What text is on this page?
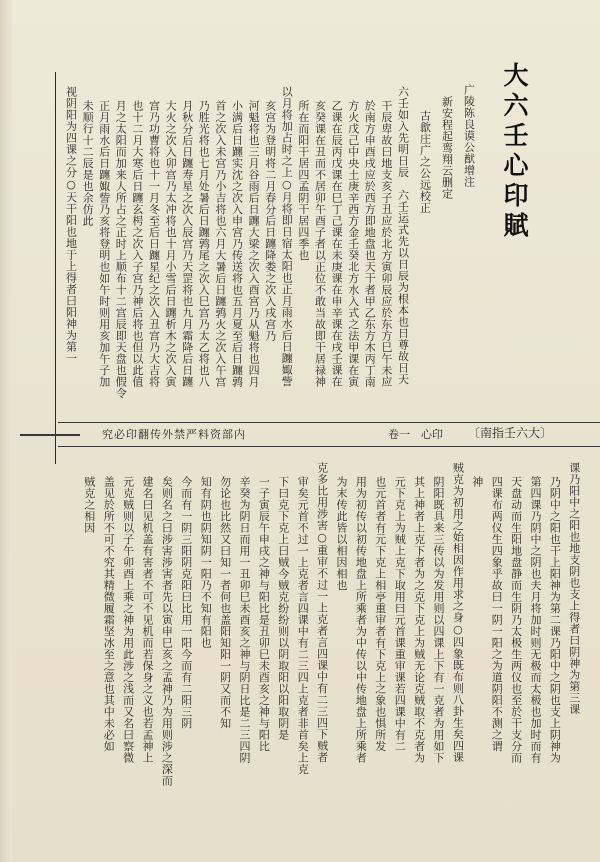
大六壬心印賦
广陵陈良谟公猷增注
新安程起鸾翔云删定
古歙庄广之公远校正
六壬如入先明日辰　六壬运式先以日辰为根本也日尊故日天
干辰卑故曰地支亥子丑应於北方寅卯辰应於东方巳午未应
於南方申酉戌应於西方即地盘也天干者甲乙东方木丙丁南
方火戊己中央土庚辛西方金壬癸北方水入式之法甲课在寅
乙课在辰丙戊课在巳丁己课在未庚课在申辛课在戌壬课在
亥癸课在丑而不居卯午酉子者以正位不敢当故即干居禄神
所在而阳干居四孟阴干居四季也
以月将加占时之上○月将即日宿太阳也正月雨水后日躔娵訾
亥宫为登明将二月春分后日躔降娄之次入戌宫乃
河魁将也三月谷雨后日躔大梁之次入酉宫乃从魁将也四月
小满后日躔实沈之次入申宫乃传送将也五月夏至后日躔鹑
首之次入未宫乃小吉将也六月大暑后日躔鹑火之次入午宫
乃胜光将也七月处暑后日躔鹑尾之次入巳宫乃太乙将也八
月秋分后日躔寿星之次入辰宫乃天罡将也九月霜降后日躔
大火之次入卯宫乃太冲将也十月小雪后日躔析木之次入寅
宫乃功曹将也十一月冬至后日躔星纪之次入丑宫乃大吉将
也十二月大寒后日躔玄枵之次入子宫乃神后将也但以此值
月之太阳而加来人所占之正时上顺布十二宫辰即天盘也假令
正月雨水后日躔娵訾乃亥将登明也如午时则用亥加午子加
未顺行十二辰是也余仿此
视阴阳为四课之分○天干阳也地于上得者曰阳神为第一
〔南指壬六大〕
卷一　心印
究必印翻传外禁严料资部内
课乃阳中之阳也地支阴也支上得者曰阴神为第三课
乃阴中之阳也干上阳神为第二课乃阳中之阴也支上阴神为
第四课乃阴中之阴也夫月将加时则无极而太极也加时而有
天盘动而生阳地盘静而生阴乃太极生两仪也至於干支分而
四课布两仪生四象乎故曰一阴一阳之为道阴阳不测之谓
神
贼克为初用之始相因作用求之身○四象既布则八卦生矣四课
阴阳既具来三传以为发用则以四课上下有一克者为用如下
其上神者上克下者为之克下克上为贼无论克贼取不克者为
元下克上为贼上克下取用曰元首课重审课若四课中有二
也元首者有元下克上相亭重审者有下克上之象也惧所发
用为初传以初传地盘上所乘者为中传以中传地盘上所乘者
为末传此皆以相因相也
克多比用涉害○重审不过一上克者言四课中有二三四下贼者
审矣元首不过一上克者言四课中有二三四上克者非首矣上克
下曰克下克上曰贼今贼克纷纷则以阴取阳以阳取阴是
一子寅辰午申戌之神与阳比是丑卯巳未酉亥之神与阳比
辛癸为阴日而用一丑卯巳未酉亥之神与阴日比是二三四阴
勿论也比然又曰知一者何也盖阳知阳一阴又而不知
知有阴也阴知阴一阳乃不知有阳也
今而有一阴三阳阴克阳曰比用一阳今而有二阳三阴
矣则名之曰涉害涉害者先以寅申巳亥之孟神乃为用则涉之深而
建名曰见机盖有害者不可不见机而若保身之义也若孟神上
元克贼则以子午卯酉上乘之神为用此涉之浅而又名曰察微
盖见於所不可不究其精微履霜坚冰至之意也其中未必如
贼克之相因
